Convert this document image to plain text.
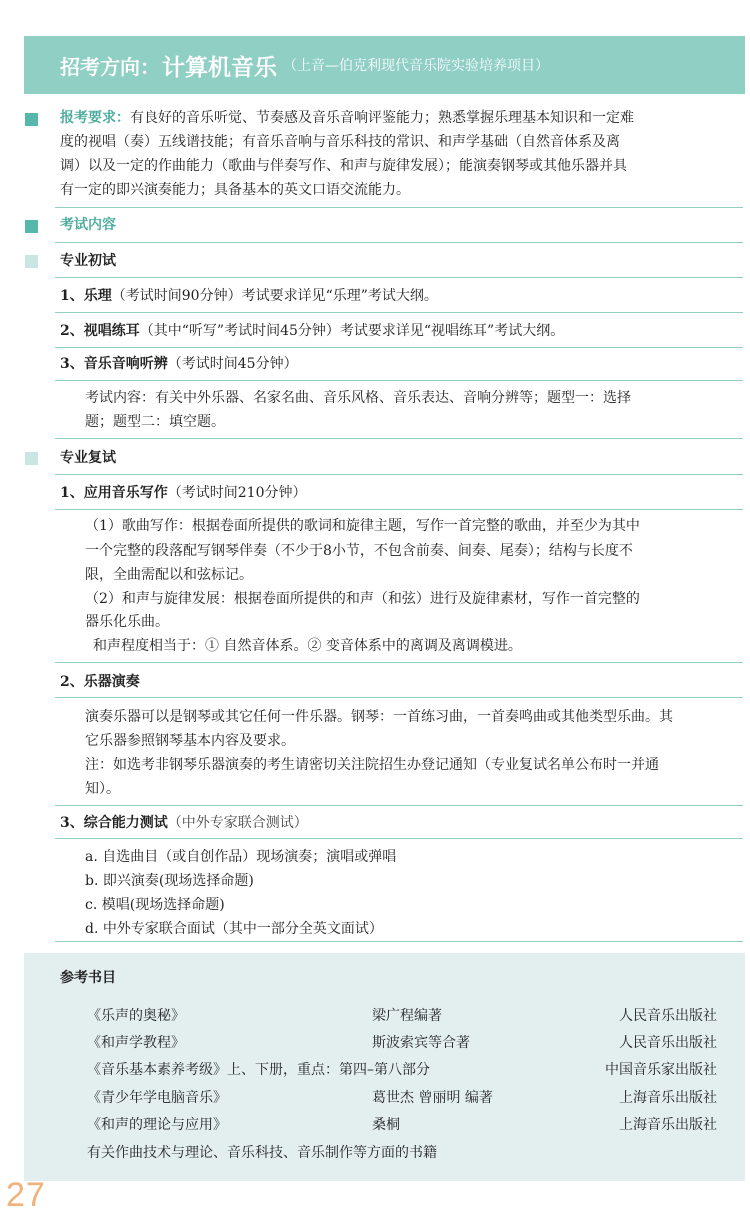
招考方向： 计算机音乐 （上音—伯克利现代音乐院实验培养项目）
报考要求：有良好的音乐听觉、节奏感及音乐音响评鉴能力；熟悉掌握乐理基本知识和一定难
度的视唱（奏）五线谱技能；有音乐音响与音乐科技的常识、和声学基础（自然音体系及离
调）以及一定的作曲能力（歌曲与伴奏写作、和声与旋律发展）；能演奏钢琴或其他乐器并具
有一定的即兴演奏能力；具备基本的英文口语交流能力。
考试内容
专业初试
1、乐理（考试时间90分钟）考试要求详见“乐理”考试大纲。
2、视唱练耳（其中“听写”考试时间45分钟）考试要求详见“视唱练耳”考试大纲。
3、音乐音响听辨（考试时间45分钟）
考试内容：有关中外乐器、名家名曲、音乐风格、音乐表达、音响分辨等；题型一：选择
题；题型二：填空题。
专业复试
1、应用音乐写作（考试时间210分钟）
（1）歌曲写作：根据卷面所提供的歌词和旋律主题，写作一首完整的歌曲，并至少为其中
一个完整的段落配写钢琴伴奏（不少于8小节，不包含前奏、间奏、尾奏）；结构与长度不
限，全曲需配以和弦标记。
（2）和声与旋律发展：根据卷面所提供的和声（和弦）进行及旋律素材，写作一首完整的
器乐化乐曲。
和声程度相当于：① 自然音体系。② 变音体系中的离调及离调模进。
2、乐器演奏
演奏乐器可以是钢琴或其它任何一件乐器。钢琴：一首练习曲，一首奏鸣曲或其他类型乐曲。其
它乐器参照钢琴基本内容及要求。
注：如选考非钢琴乐器演奏的考生请密切关注院招生办登记通知（专业复试名单公布时一并通
知）。
3、综合能力测试（中外专家联合测试）
a. 自选曲目（或自创作品）现场演奏；演唱或弹唱
b. 即兴演奏(现场选择命题)
c. 模唱(现场选择命题)
d. 中外专家联合面试（其中一部分全英文面试）
参考书目
《乐声的奥秘》	梁广程编著	人民音乐出版社
《和声学教程》	斯波索宾等合著	人民音乐出版社
《音乐基本素养考级》上、下册，重点：第四–第八部分	中国音乐家出版社
《青少年学电脑音乐》	葛世杰 曾丽明 编著	上海音乐出版社
《和声的理论与应用》	桑桐	上海音乐出版社
有关作曲技术与理论、音乐科技、音乐制作等方面的书籍
27
